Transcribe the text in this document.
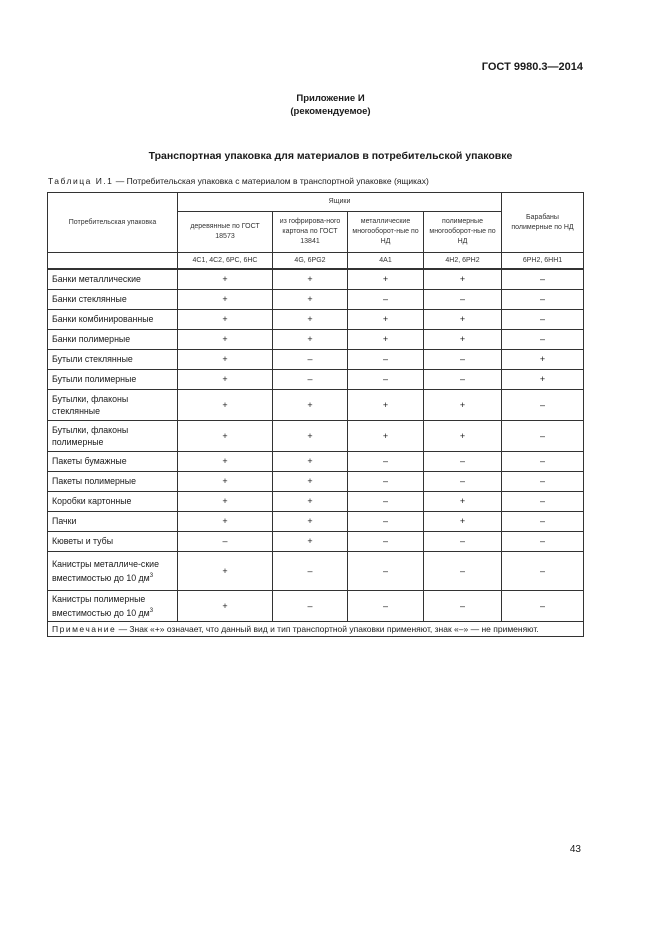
ГОСТ 9980.3—2014
Приложение И
(рекомендуемое)
Транспортная упаковка для материалов в потребительской упаковке
Таблица И.1 — Потребительская упаковка с материалом в транспортной упаковке (ящиках)
Потребительская упаковка	Ящики				Барабаны полимерные по НД
	деревянные по ГОСТ 18573	из гофрирова-ного картона по ГОСТ 13841	металлические многооборот-ные по НД	полимерные многооборот-ные по НД	
	4C1, 4C2, 6PC, 6HC	4G, 6PG2	4A1	4H2, 6PH2	6PH2, 6HH1
Банки металлические	+	+	+	+	–
Банки стеклянные	+	+	–	–	–
Банки комбинированные	+	+	+	+	–
Банки полимерные	+	+	+	+	–
Бутыли стеклянные	+	–	–	–	+
Бутыли полимерные	+	–	–	–	+
Бутылки, флаконы стеклянные	+	+	+	+	–
Бутылки, флаконы полимерные	+	+	+	+	–
Пакеты бумажные	+	+	–	–	–
Пакеты полимерные	+	+	–	–	–
Коробки картонные	+	+	–	+	–
Пачки	+	+	–	+	–
Кюветы и тубы	–	+	–	–	–
Канистры металличе-ские вместимостью до 10 $дм^3$	+	–	–	–	–
Канистры полимерные вместимостью до 10 $дм^3$	+	–	–	–	–
Примечание — Знак «+» означает, что данный вид и тип транспортной упаковки применяют, знак «–» — не применяют.					
43
